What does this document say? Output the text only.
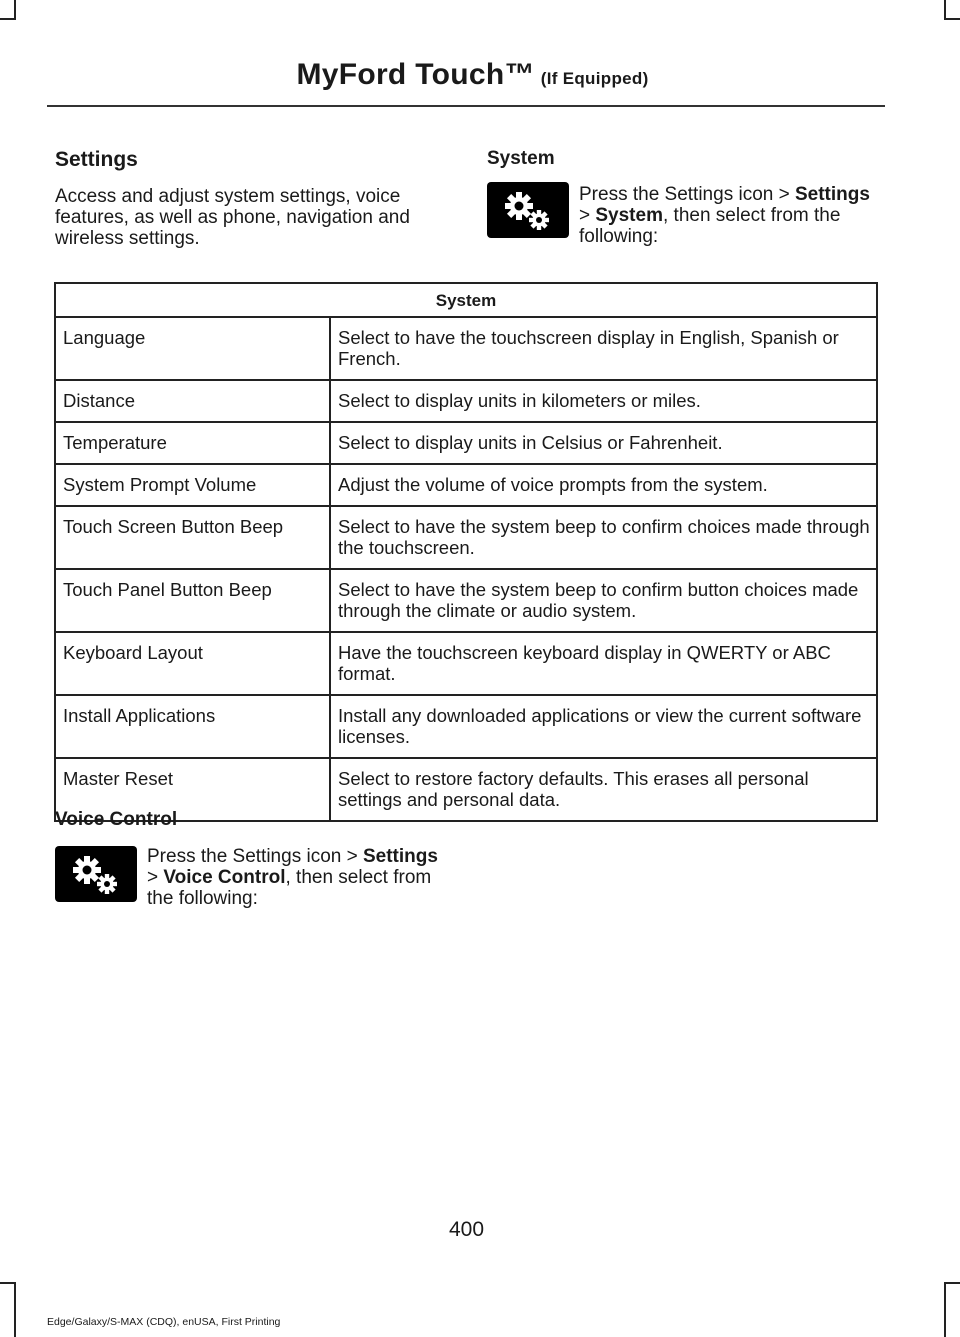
MyFord Touch™ (If Equipped)
Settings
Access and adjust system settings, voice features, as well as phone, navigation and wireless settings.
System
Press the Settings icon > Settings > System, then select from the following:
System	
Language	Select to have the touchscreen display in English, Spanish or French.
Distance	Select to display units in kilometers or miles.
Temperature	Select to display units in Celsius or Fahrenheit.
System Prompt Volume	Adjust the volume of voice prompts from the system.
Touch Screen Button Beep	Select to have the system beep to confirm choices made through the touchscreen.
Touch Panel Button Beep	Select to have the system beep to confirm button choices made through the climate or audio system.
Keyboard Layout	Have the touchscreen keyboard display in QWERTY or ABC format.
Install Applications	Install any downloaded applications or view the current software licenses.
Master Reset	Select to restore factory defaults. This erases all personal settings and personal data.
Voice Control
Press the Settings icon > Settings > Voice Control, then select from the following:
400
Edge/Galaxy/S-MAX (CDQ), enUSA, First Printing
